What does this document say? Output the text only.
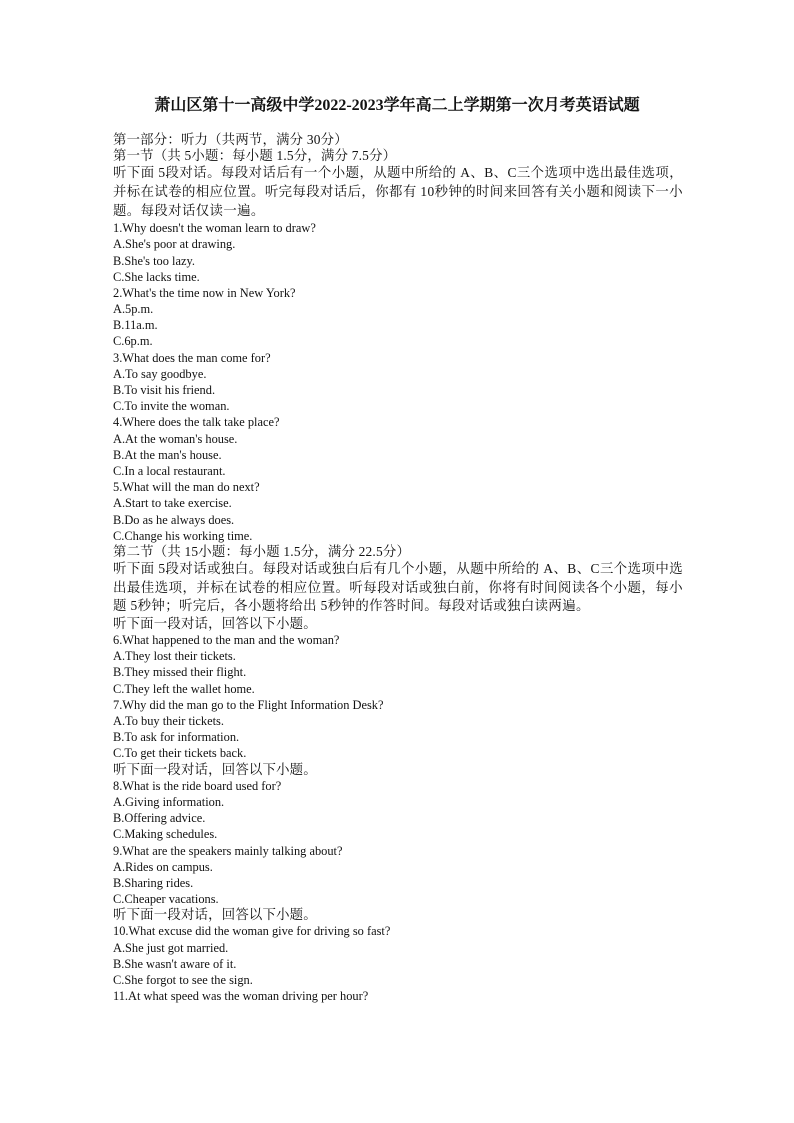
萧山区第十一高级中学2022-2023学年高二上学期第一次月考英语试题
第一部分：听力（共两节，满分 30分）
第一节（共 5小题：每小题 1.5分，满分 7.5分）
听下面 5段对话。每段对话后有一个小题，从题中所给的 A、B、C三个选项中选出最佳选项，并标在试卷的相应位置。听完每段对话后，你都有 10秒钟的时间来回答有关小题和阅读下一小题。每段对话仅读一遍。
1.Why doesn't the woman learn to draw?
A.She's poor at drawing.
B.She's too lazy.
C.She lacks time.
2.What's the time now in New York?
A.5p.m.
B.11a.m.
C.6p.m.
3.What does the man come for?
A.To say goodbye.
B.To visit his friend.
C.To invite the woman.
4.Where does the talk take place?
A.At the woman's house.
B.At the man's house.
C.In a local restaurant.
5.What will the man do next?
A.Start to take exercise.
B.Do as he always does.
C.Change his working time.
第二节（共 15小题：每小题 1.5分，满分 22.5分）
听下面 5段对话或独白。每段对话或独白后有几个小题，从题中所给的 A、B、C三个选项中选出最佳选项，并标在试卷的相应位置。听每段对话或独白前，你将有时间阅读各个小题，每小题 5秒钟；听完后，各小题将给出 5秒钟的作答时间。每段对话或独白读两遍。
听下面一段对话，回答以下小题。
6.What happened to the man and the woman?
A.They lost their tickets.
B.They missed their flight.
C.They left the wallet home.
7.Why did the man go to the Flight Information Desk?
A.To buy their tickets.
B.To ask for information.
C.To get their tickets back.
听下面一段对话，回答以下小题。
8.What is the ride board used for?
A.Giving information.
B.Offering advice.
C.Making schedules.
9.What are the speakers mainly talking about?
A.Rides on campus.
B.Sharing rides.
C.Cheaper vacations.
听下面一段对话，回答以下小题。
10.What excuse did the woman give for driving so fast?
A.She just got married.
B.She wasn't aware of it.
C.She forgot to see the sign.
11.At what speed was the woman driving per hour?
